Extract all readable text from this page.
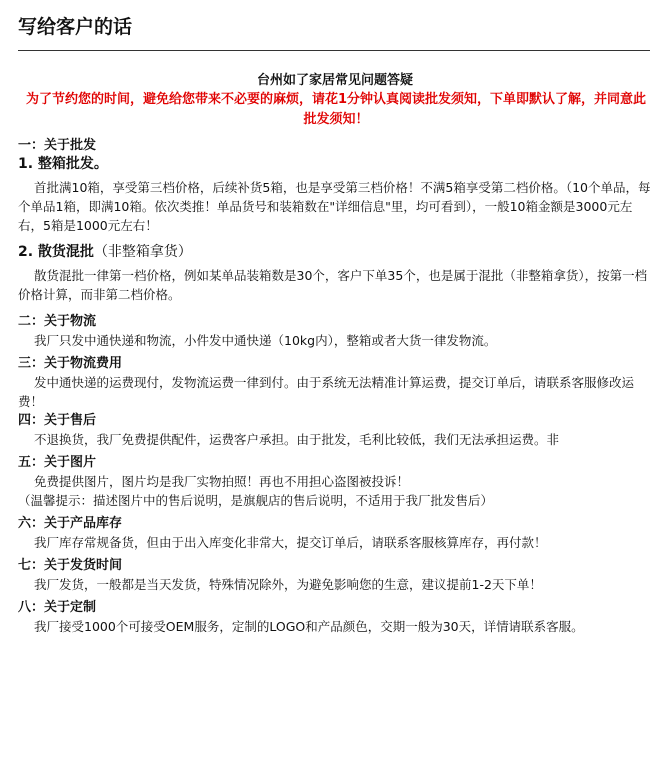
写给客户的话
台州如了家居常见问题答疑
为了节约您的时间，避免给您带来不必要的麻烦，请花1分钟认真阅读批发须知，下单即默认了解，并同意此批发须知！
一：关于批发
1. 整箱批发。

首批满10箱，享受第三档价格，后续补货5箱，也是享受第三档价格！不满5箱享受第二档价格。（10个单品，每个单品1箱，即满10箱。依次类推！单品货号和装箱数在"详细信息"里，均可看到），一般10箱金额是3000元左右，5箱是1000元左右！

2. 散货混批（非整箱拿货）

散货混批一律第一档价格，例如某单品装箱数是30个，客户下单35个，也是属于混批（非整箱拿货），按第一档价格计算，而非第二档价格。

二：关于物流

我厂只发中通快递和物流，小件发中通快递（10kg内），整箱或者大货一律发物流。

三：关于物流费用

发中通快递的运费现付，发物流运费一律到付。由于系统无法精准计算运费，提交订单后，请联系客服修改运费！

四：关于售后

不退换货，我厂免费提供配件，运费客户承担。由于批发，毛利比较低，我们无法承担运费。非

五：关于图片

免费提供图片，图片均是我厂实物拍照！再也不用担心盗图被投诉！

（温馨提示：描述图片中的售后说明，是旗舰店的售后说明，不适用于我厂批发售后）
六：关于产品库存

我厂库存常规备货，但由于出入库变化非常大，提交订单后，请联系客服核算库存，再付款！

七：关于发货时间

我厂发货，一般都是当天发货，特殊情况除外，为避免影响您的生意，建议提前1-2天下单！

八：关于定制

我厂接受1000个可接受OEM服务，定制的LOGO和产品颜色，交期一般为30天，详情请联系客服。
